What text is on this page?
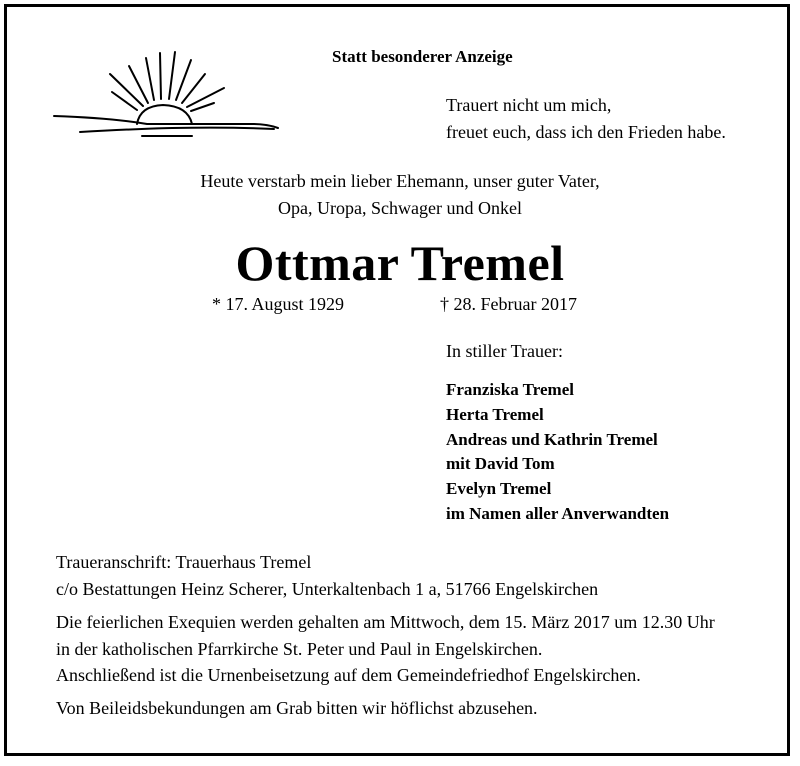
Statt besonderer Anzeige
Trauert nicht um mich,
freuet euch, dass ich den Frieden habe.
Heute verstarb mein lieber Ehemann, unser guter Vater,
Opa, Uropa, Schwager und Onkel
Ottmar Tremel
* 17. August 1929	† 28. Februar 2017
In stiller Trauer:
Franziska Tremel
Herta Tremel
Andreas und Kathrin Tremel
mit David Tom
Evelyn Tremel
im Namen aller Anverwandten
Traueranschrift: Trauerhaus Tremel
c/o Bestattungen Heinz Scherer, Unterkaltenbach 1 a, 51766 Engelskirchen
Die feierlichen Exequien werden gehalten am Mittwoch, dem 15. März 2017 um 12.30 Uhr
in der katholischen Pfarrkirche St. Peter und Paul in Engelskirchen.
Anschließend ist die Urnenbeisetzung auf dem Gemeindefriedhof Engelskirchen.
Von Beileidsbekundungen am Grab bitten wir höflichst abzusehen.
